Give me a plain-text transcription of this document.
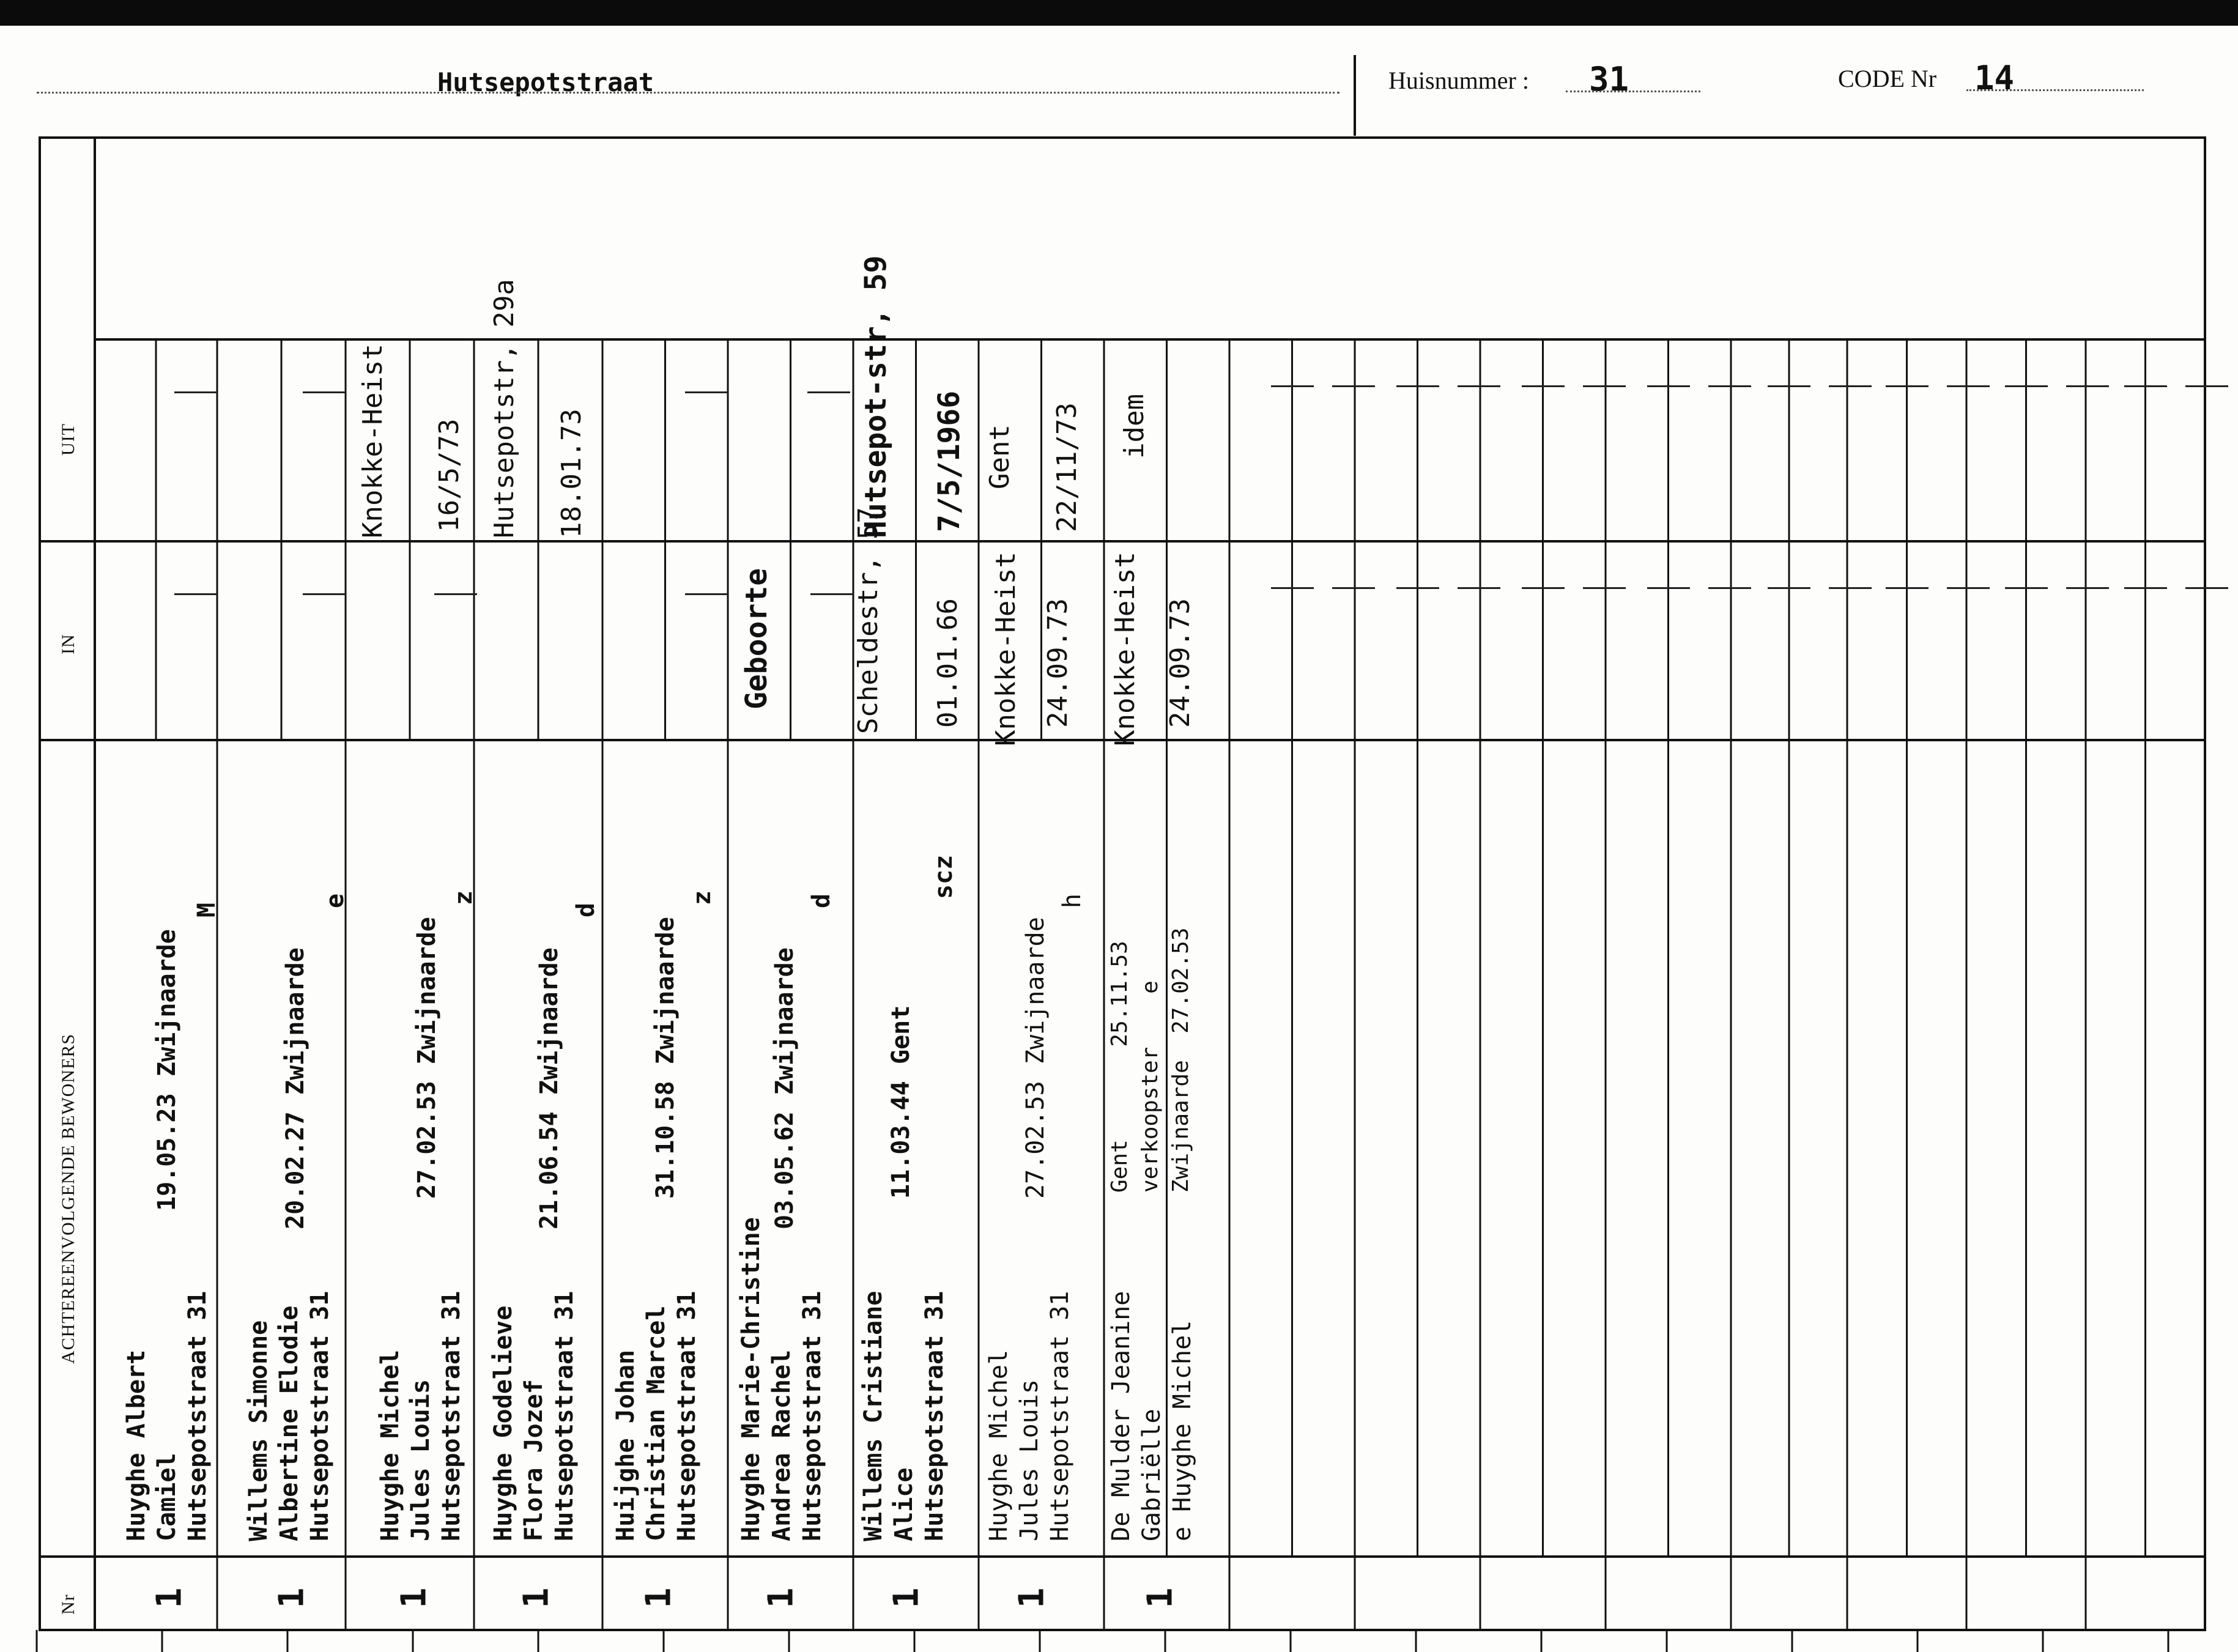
Hutsepotstraat	Huisnummer : 31	CODE Nr 14
Nr
ACHTEREENVOLGENDE BEWONERS
IN
UIT
1
Huyghe Albert Camiel Hutsepotstraat 31
19.05.23
Zwijnaarde
M
1
Willems Simonne Albertine Elodie Hutsepotstraat 31
20.02.27
Zwijnaarde
e
1
Huyghe Michel Jules Louis Hutsepotstraat 31
27.02.53
Zwijnaarde
z
Knokke-Heist 16/5/73
1
Huyghe Godelieve Flora Jozef Hutsepotstraat 31
21.06.54
Zwijnaarde
d
Hutsepotstr, 29a 18.01.73
1
Huijghe Johan Christian Marcel Hutsepotstraat 31
31.10.58
Zwijnaarde
z
1
Huyghe Marie-Christine Andrea Rachel Hutsepotstraat 31
03.05.62
Zwijnaarde
d
Geboorte
1
Willems Cristiane Alice Hutsepotstraat 31
11.03.44
Gent
scz
Scheldestr, 57 01.01.66
Hutsepot-str, 59 7/5/1966
1
Huyghe Michel Jules Louis Hutsepotstraat 31
27.02.53
Zwijnaarde
h
Knokke-Heist 24.09.73
Gent 22/11/73
1
De Mulder Jeanine Gabriëlle e Huyghe Michel
Gent       25.11.53 verkoopster    e Zwijnaarde  27.02.53
Knokke-Heist 24.09.73
idem
